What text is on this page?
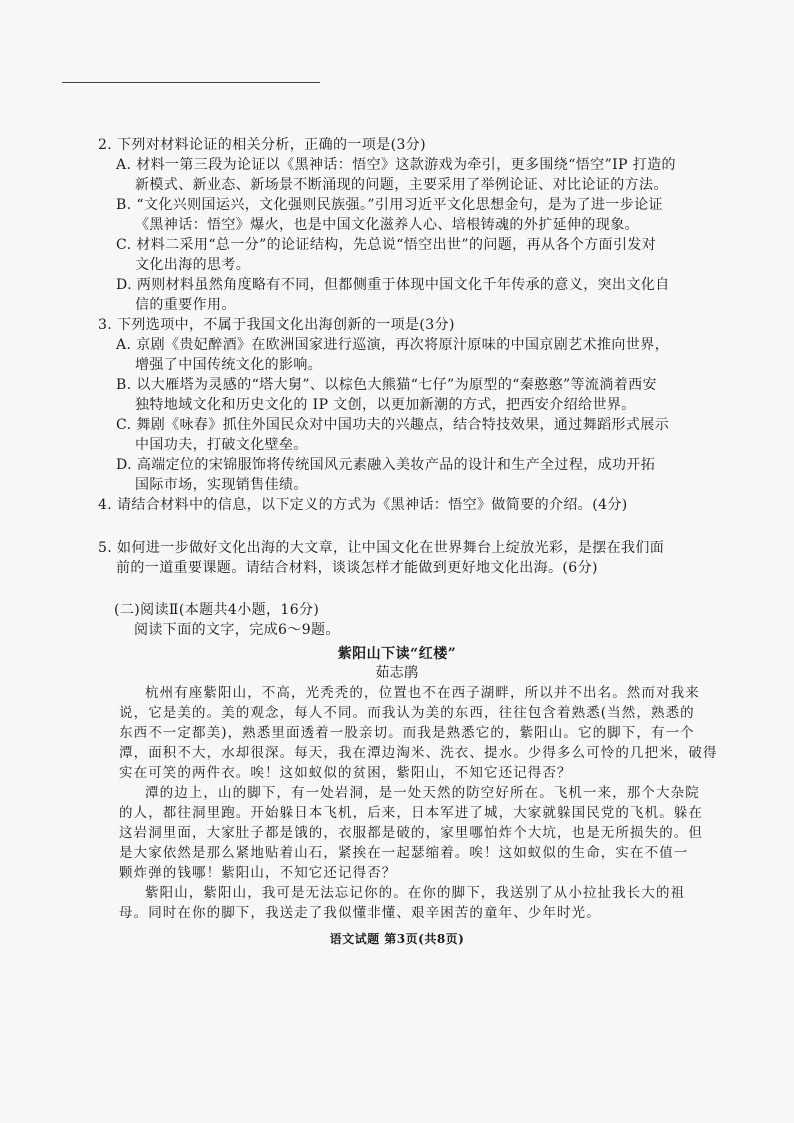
2. 下列对材料论证的相关分析，正确的一项是(3分)
A. 材料一第三段为论证以《黑神话：悟空》这款游戏为牵引，更多围绕“悟空”IP 打造的
新模式、新业态、新场景不断涌现的问题，主要采用了举例论证、对比论证的方法。
B. “文化兴则国运兴，文化强则民族强。”引用习近平文化思想金句，是为了进一步论证
《黑神话：悟空》爆火，也是中国文化滋养人心、培根铸魂的外扩延伸的现象。
C. 材料二采用“总一分”的论证结构，先总说“悟空出世”的问题，再从各个方面引发对
文化出海的思考。
D. 两则材料虽然角度略有不同，但都侧重于体现中国文化千年传承的意义，突出文化自
信的重要作用。
3. 下列选项中，不属于我国文化出海创新的一项是(3分)
A. 京剧《贵妃醉酒》在欧洲国家进行巡演，再次将原汁原味的中国京剧艺术推向世界，
增强了中国传统文化的影响。
B. 以大雁塔为灵感的“塔大舅”、以棕色大熊猫“七仔”为原型的“秦憨憨”等流淌着西安
独特地域文化和历史文化的 IP 文创，以更加新潮的方式，把西安介绍给世界。
C. 舞剧《咏春》抓住外国民众对中国功夫的兴趣点，结合特技效果，通过舞蹈形式展示
中国功夫，打破文化壁垒。
D. 高端定位的宋锦服饰将传统国风元素融入美妆产品的设计和生产全过程，成功开拓
国际市场，实现销售佳绩。
4. 请结合材料中的信息，以下定义的方式为《黑神话：悟空》做简要的介绍。(4分)
5. 如何进一步做好文化出海的大文章，让中国文化在世界舞台上绽放光彩，是摆在我们面
前的一道重要课题。请结合材料，谈谈怎样才能做到更好地文化出海。(6分)
(二)阅读Ⅱ(本题共4小题，16分)
阅读下面的文字，完成6～9题。
紫阳山下读“红楼”
茹志鹃
杭州有座紫阳山，不高，光秃秃的，位置也不在西子湖畔，所以并不出名。然而对我来
说，它是美的。美的观念，每人不同。而我认为美的东西，往往包含着熟悉(当然，熟悉的
东西不一定都美)，熟悉里面透着一股亲切。而我是熟悉它的，紫阳山。它的脚下，有一个
潭，面积不大，水却很深。每天，我在潭边淘米、洗衣、提水。少得多么可怜的几把米，破得
实在可笑的两件衣。唉！这如蚁似的贫困，紫阳山，不知它还记得否？
潭的边上，山的脚下，有一处岩洞，是一处天然的防空好所在。飞机一来，那个大杂院
的人，都往洞里跑。开始躲日本飞机，后来，日本军进了城，大家就躲国民党的飞机。躲在
这岩洞里面，大家肚子都是饿的，衣服都是破的，家里哪怕炸个大坑，也是无所损失的。但
是大家依然是那么紧地贴着山石，紧挨在一起瑟缩着。唉！这如蚁似的生命，实在不值一
颗炸弹的钱哪！紫阳山，不知它还记得否？
紫阳山，紫阳山，我可是无法忘记你的。在你的脚下，我送别了从小拉扯我长大的祖
母。同时在你的脚下，我送走了我似懂非懂、艰辛困苦的童年、少年时光。
语文试题 第3页(共8页)
